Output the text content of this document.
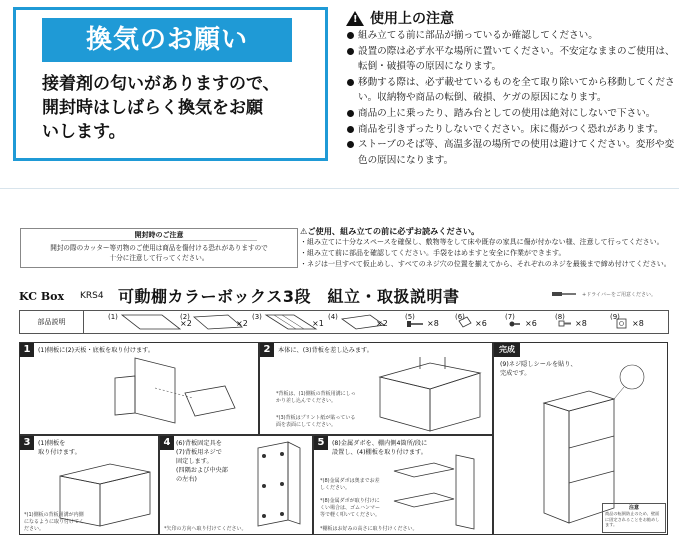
換気のお願い
接着剤の匂いがありますので、
開封時はしばらく換気をお願
いします。
! 使用上の注意
組み立てる前に部品が揃っているか確認してください。
設置の際は必ず水平な場所に置いてください。不安定なままのご使用は、転倒・破損等の原因になります。
移動する際は、必ず載せているものを全て取り除いてから移動してください。収納物や商品の転倒、破損、ケガの原因になります。
商品の上に乗ったり、踏み台としての使用は絶対にしないで下さい。
商品を引きずったりしないでください。床に傷がつく恐れがあります。
ストーブのそば等、高温多湿の場所での使用は避けてください。変形や変色の原因になります。
開封時のご注意
開封の際のカッター等刃物のご使用は商品を傷付ける恐れがありますので
十分に注意して行ってください。
⚠ご使用、組み立ての前に必ずお読みください。
・組み立てに十分なスペースを確保し、敷物等をして床や既存の家具に傷が付かない様、注意して行ってください。
・組み立て前に部品を確認してください。手袋をはめますと安全に作業ができます。
・ネジは一旦すべて仮止めし、すべてのネジ穴の位置を揃えてから、それぞれのネジを最後まで締め付けてください。
KC Box KRS4 可動棚カラーボックス3段　組立・取扱説明書	+ドライバーをご用意ください。
部品説明
(1)
×2
(2)
×2
(3)
×1
(4)
×2
(5)
×8
(6)
×6
(7)
×6
(8)
×8
(9)
×8
1	(1)側板に(2)天板・底板を取り付けます。	2	本体に、(3)背板を差し込みます。
*背板は、(1)側板の背板用溝にしっかり差し込んでください。
*(3)背板はプリント紙が貼っている面を表面にしてください。
完成
(9)ネジ隠しシールを貼り、
完成です。
注意
商品の転倒防止のため、壁面に固定されることをお勧めします。
3	(1)側板を
取り付けます。
*(1)側板の背板用溝が内側になるように取り付けてください。
4 (6)背板固定具を
(7)背板用ネジで
固定します。
(四隅および中央部
の左右)
*矢印の方向へ取り付けてください。
5	(8)金属ダボを、棚内側4箇所/段に
設置し、(4)棚板を取り付けます。
*(8)金属ダボは奥までお差しください。
*(8)金属ダボが取り付けにくい場合は、ゴムハンマー等で軽く叩いてください。
*棚板はお好みの高さに取り付けください。
